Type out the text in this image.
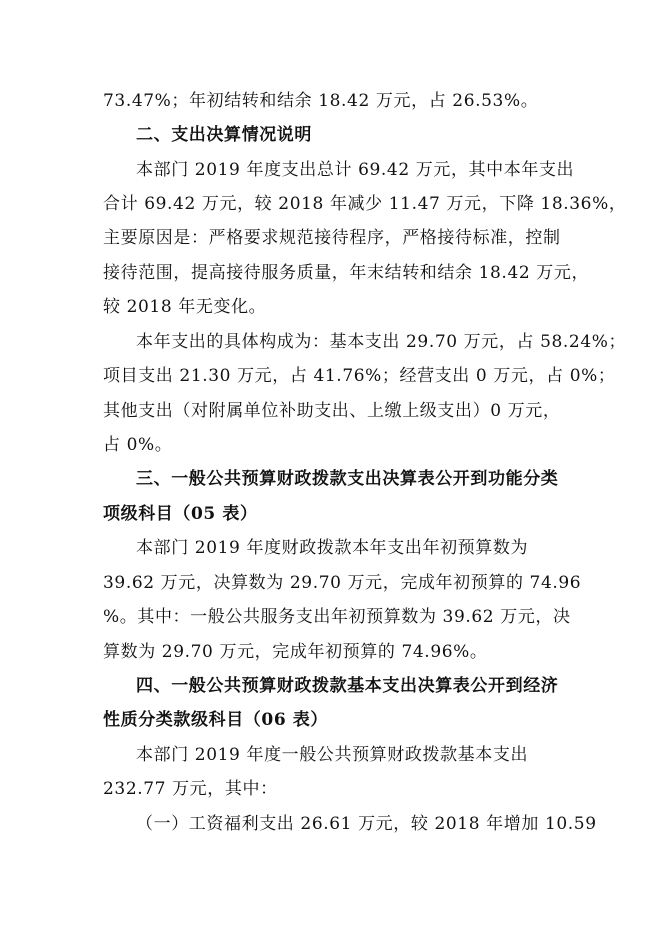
73.47%；年初结转和结余 18.42 万元，占 26.53%。
二、支出决算情况说明
本部门 2019 年度支出总计 69.42 万元，其中本年支出
合计 69.42 万元，较 2018 年减少 11.47 万元，下降 18.36%，
主要原因是：严格要求规范接待程序，严格接待标准，控制
接待范围，提高接待服务质量，年末结转和结余 18.42 万元，
较 2018 年无变化。
本年支出的具体构成为：基本支出 29.70 万元，占 58.24%；
项目支出 21.30 万元，占 41.76%；经营支出 0 万元，占 0%；
其他支出（对附属单位补助支出、上缴上级支出）0 万元，
占 0%。
三、一般公共预算财政拨款支出决算表公开到功能分类
项级科目（05 表）
本部门 2019 年度财政拨款本年支出年初预算数为
39.62 万元，决算数为 29.70 万元，完成年初预算的 74.96
%。其中：一般公共服务支出年初预算数为 39.62 万元，决
算数为 29.70 万元，完成年初预算的 74.96%。
四、一般公共预算财政拨款基本支出决算表公开到经济
性质分类款级科目（06 表）
本部门 2019 年度一般公共预算财政拨款基本支出
232.77 万元，其中：
（一）工资福利支出 26.61 万元，较 2018 年增加 10.59
